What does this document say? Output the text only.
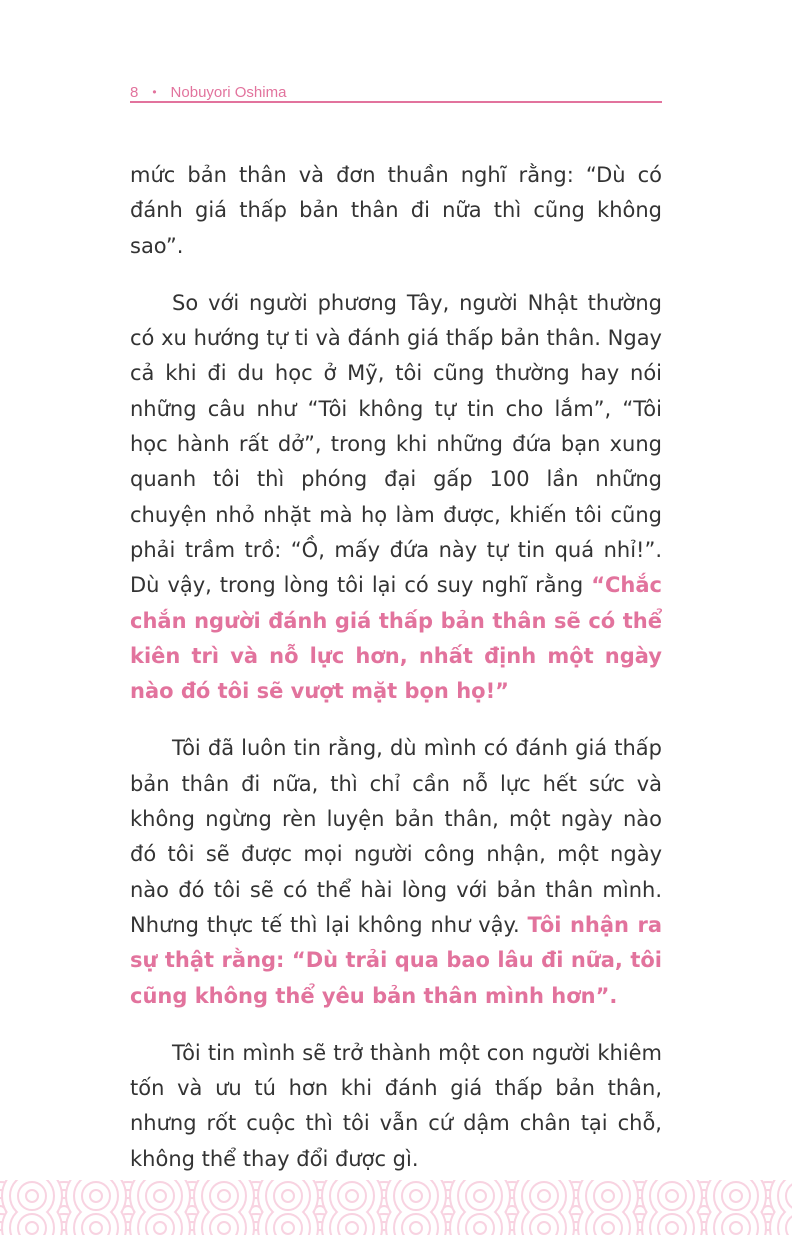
8 • Nobuyori Oshima

mức bản thân và đơn thuần nghĩ rằng: “Dù có đánh giá thấp bản thân đi nữa thì cũng không sao”.

So với người phương Tây, người Nhật thường có xu hướng tự ti và đánh giá thấp bản thân. Ngay cả khi đi du học ở Mỹ, tôi cũng thường hay nói những câu như “Tôi không tự tin cho lắm”, “Tôi học hành rất dở”, trong khi những đứa bạn xung quanh tôi thì phóng đại gấp 100 lần những chuyện nhỏ nhặt mà họ làm được, khiến tôi cũng phải trầm trồ: “Ồ, mấy đứa này tự tin quá nhỉ!”. Dù vậy, trong lòng tôi lại có suy nghĩ rằng “Chắc chắn người đánh giá thấp bản thân sẽ có thể kiên trì và nỗ lực hơn, nhất định một ngày nào đó tôi sẽ vượt mặt bọn họ!”

Tôi đã luôn tin rằng, dù mình có đánh giá thấp bản thân đi nữa, thì chỉ cần nỗ lực hết sức và không ngừng rèn luyện bản thân, một ngày nào đó tôi sẽ được mọi người công nhận, một ngày nào đó tôi sẽ có thể hài lòng với bản thân mình. Nhưng thực tế thì lại không như vậy. Tôi nhận ra sự thật rằng: “Dù trải qua bao lâu đi nữa, tôi cũng không thể yêu bản thân mình hơn”.

Tôi tin mình sẽ trở thành một con người khiêm tốn và ưu tú hơn khi đánh giá thấp bản thân, nhưng rốt cuộc thì tôi vẫn cứ dậm chân tại chỗ, không thể thay đổi được gì.
